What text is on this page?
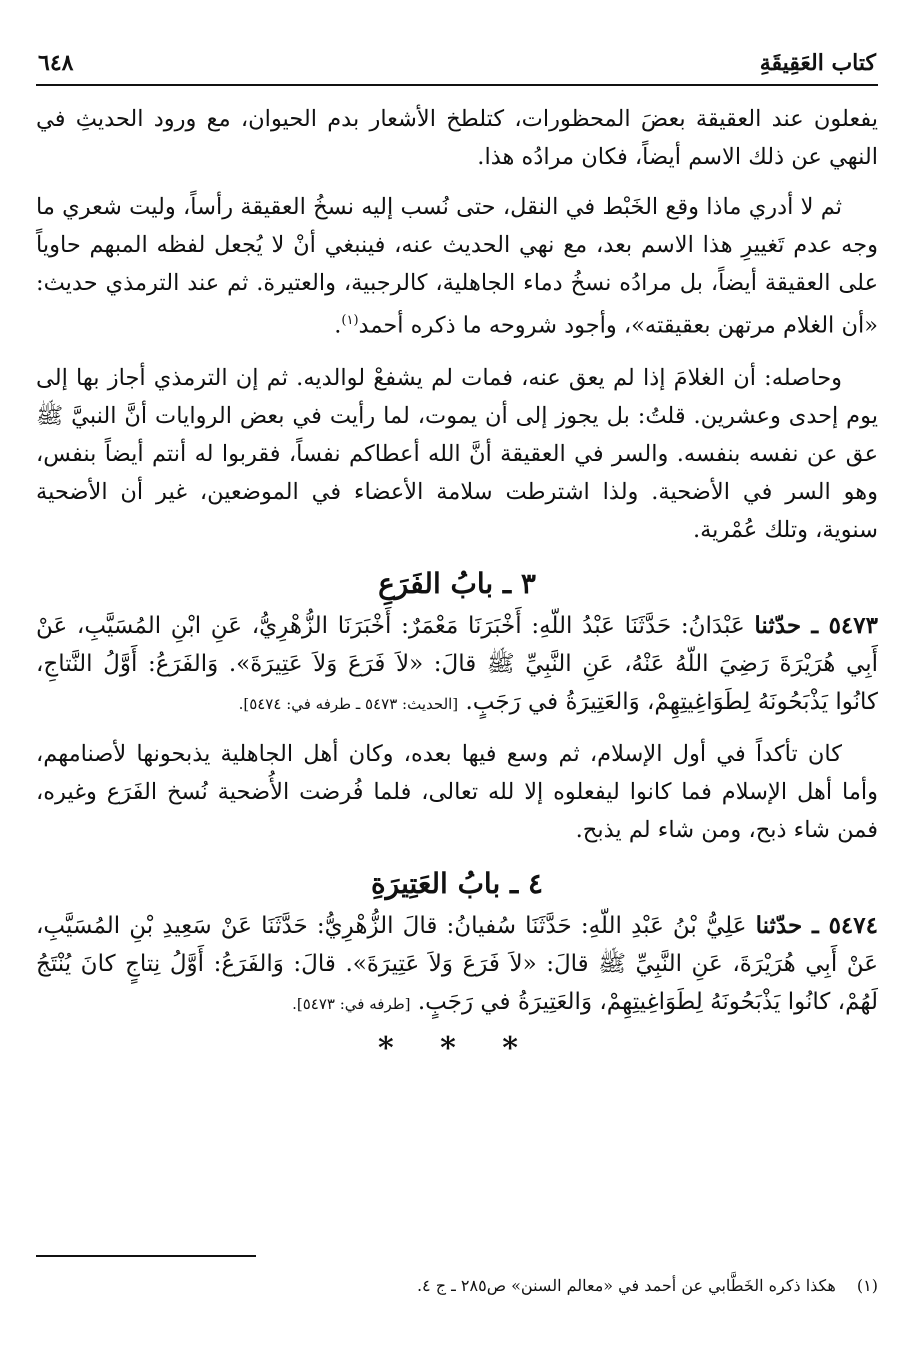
كتاب العَقِيقَةِ
٦٤٨

يفعلون عند العقيقة بعضَ المحظورات، كتلطخ الأشعار بدم الحيوان، مع ورود الحديثِ في النهي عن ذلك الاسم أيضاً، فكان مرادُه هذا.

ثم لا أدري ماذا وقع الخَبْط في النقل، حتى نُسب إليه نسخُ العقيقة رأساً، وليت شعري ما وجه عدم تَغييرِ هذا الاسم بعد، مع نهي الحديث عنه، فينبغي أنْ لا يُجعل لفظه المبهم حاوياً على العقيقة أيضاً، بل مرادُه نسخُ دماء الجاهلية، كالرجبية، والعتيرة. ثم عند الترمذي حديث: «أن الغلام مرتهن بعقيقته»، وأجود شروحه ما ذكره أحمد$^{(١)}$.

وحاصله: أن الغلامَ إذا لم يعق عنه، فمات لم يشفعْ لوالديه. ثم إن الترمذي أجاز بها إلى يوم إحدى وعشرين. قلتُ: بل يجوز إلى أن يموت، لما رأيت في بعض الروايات أنَّ النبيَّ ﷺ عق عن نفسه بنفسه. والسر في العقيقة أنَّ الله أعطاكم نفساً، فقربوا له أنتم أيضاً بنفس، وهو السر في الأضحية. ولذا اشترطت سلامة الأعضاء في الموضعين، غير أن الأضحية سنوية، وتلك عُمْرية.

٣ ـ بابُ الفَرَعِ

٥٤٧٣ ـ حدّثنا عَبْدَانُ: حَدَّثَنَا عَبْدُ اللّهِ: أَخْبَرَنَا مَعْمَرٌ: أَخْبَرَنَا الزُّهْرِيُّ، عَنِ ابْنِ المُسَيَّبِ، عَنْ أَبِي هُرَيْرَةَ رَضِيَ اللّهُ عَنْهُ، عَنِ النَّبِيِّ ﷺ قالَ: «لاَ فَرَعَ وَلاَ عَتِيرَةَ». وَالفَرَعُ: أَوَّلُ النَّتاجِ، كانُوا يَذْبَحُونَهُ لِطَوَاغِيتِهِمْ، وَالعَتِيرَةُ في رَجَبٍ. [الحديث: ٥٤٧٣ ـ طرفه في: ٥٤٧٤].

كان تأكداً في أول الإسلام، ثم وسع فيها بعده، وكان أهل الجاهلية يذبحونها لأصنامهم، وأما أهل الإسلام فما كانوا ليفعلوه إلا لله تعالى، فلما فُرضت الأُضحية نُسخ الفَرَع وغيره، فمن شاء ذبح، ومن شاء لم يذبح.

٤ ـ بابُ العَتِيرَةِ

٥٤٧٤ ـ حدّثنا عَلِيُّ بْنُ عَبْدِ اللّهِ: حَدَّثَنَا سُفيانُ: قالَ الزُّهْرِيُّ: حَدَّثَنَا عَنْ سَعِيدِ بْنِ المُسَيَّبِ، عَنْ أَبِي هُرَيْرَةَ، عَنِ النَّبِيِّ ﷺ قالَ: «لاَ فَرَعَ وَلاَ عَتِيرَةَ». قالَ: وَالفَرَعُ: أَوَّلُ نِتاجٍ كانَ يُنْتَجُ لَهُمْ، كانُوا يَذْبَحُونَهُ لِطَوَاغِيتِهِمْ، وَالعَتِيرَةُ في رَجَبٍ. [طرفه في: ٥٤٧٣].

* * *
(١) هكذا ذكره الخَطَّابي عن أحمد في «معالم السنن» ص٢٨٥ ـ ج ٤.
